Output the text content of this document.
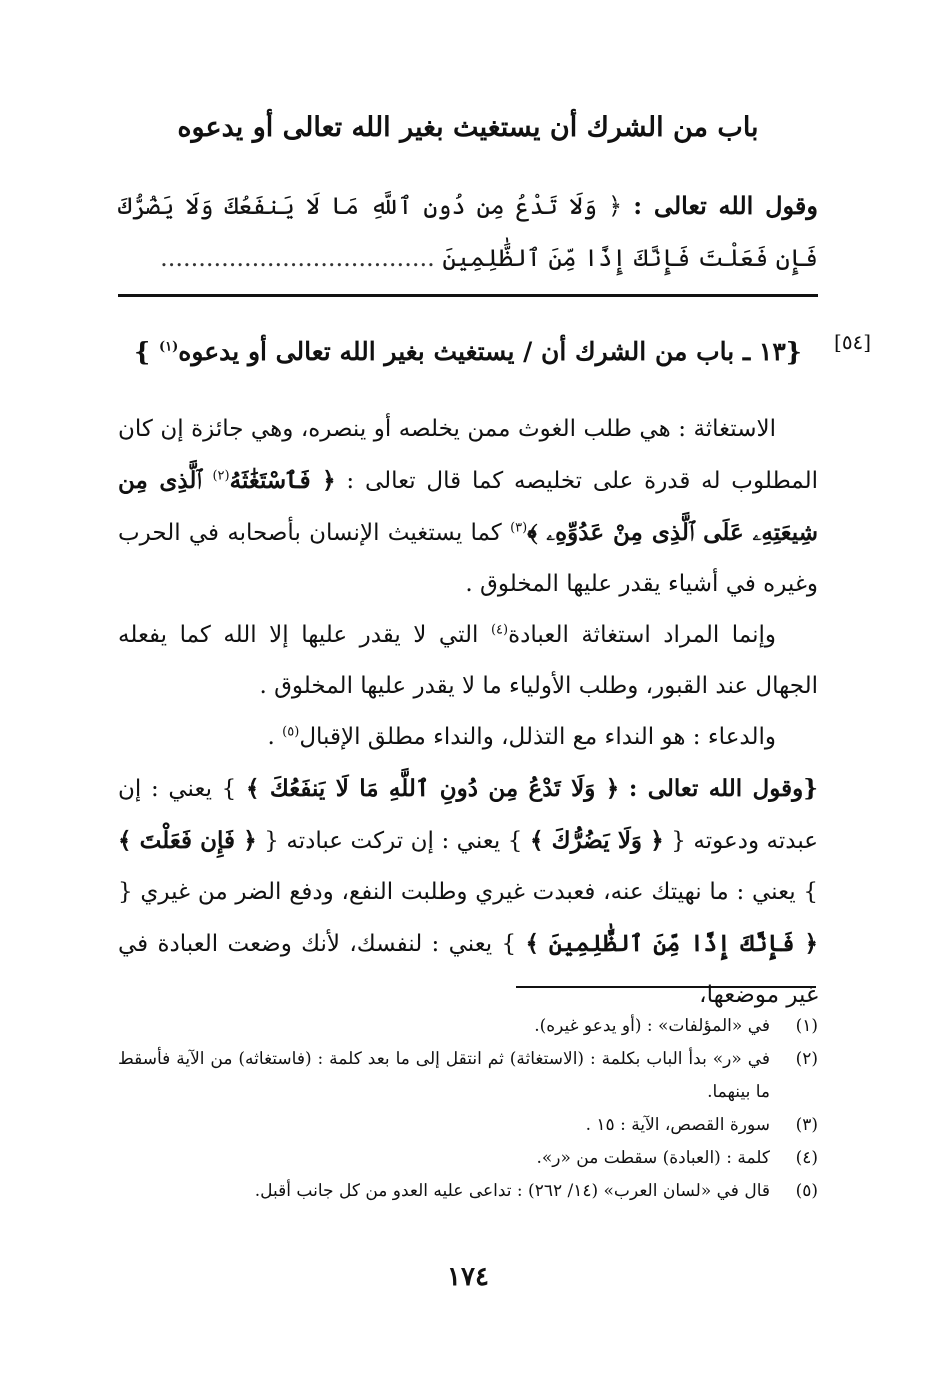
باب من الشرك أن يستغيث بغير الله تعالى أو يدعوه
وقول الله تعالى : ﴿ وَلَا تَدْعُ مِن دُونِ ٱللَّهِ مَا لَا يَنفَعُكَ وَلَا يَضُرُّكَ فَإِن فَعَلْتَ فَإِنَّكَ إِذًا مِّنَ ٱلظَّٰلِمِينَ ....................................
[٥٤]
{١٣ ـ باب من الشرك أن / يستغيث بغير الله تعالى أو يدعوه$^{(١)}$ }

الاستغاثة : هي طلب الغوث ممن يخلصه أو ينصره، وهي جائزة إن كان المطلوب له قدرة على تخليصه كما قال تعالى : ﴿ فَٱسْتَغَٰثَهُ$^{(٢)}$ ٱلَّذِى مِن شِيعَتِهِۦ عَلَى ٱلَّذِى مِنْ عَدُوِّهِۦ ﴾$^{(٣)}$ كما يستغيث الإنسان بأصحابه في الحرب وغيره في أشياء يقدر عليها المخلوق .

وإنما المراد استغاثة العبادة$^{(٤)}$ التي لا يقدر عليها إلا الله كما يفعله الجهال عند القبور، وطلب الأولياء ما لا يقدر عليها المخلوق .

والدعاء : هو النداء مع التذلل، والنداء مطلق الإقبال$^{(٥)}$ .

{وقول الله تعالى : ﴿ وَلَا تَدْعُ مِن دُونِ ٱللَّهِ مَا لَا يَنفَعُكَ ﴾ } يعني : إن عبدته ودعوته { ﴿ وَلَا يَضُرُّكَ ﴾ } يعني : إن تركت عبادته { ﴿ فَإِن فَعَلْتَ ﴾ } يعني : ما نهيتك عنه، فعبدت غيري وطلبت النفع، ودفع الضر من غيري { ﴿ فَإِنَّكَ إِذًا مِّنَ ٱلظَّٰلِمِينَ ﴾ } يعني : لنفسك، لأنك وضعت العبادة في غير موضعها،

(١)
في «المؤلفات» : (أو يدعو غيره).
(٢)
في «ر» بدأ الباب بكلمة : (الاستغاثة) ثم انتقل إلى ما بعد كلمة : (فاستغاثه) من الآية فأسقط ما بينهما.
(٣)
سورة القصص، الآية : ١٥ .
(٤)
كلمة : (العبادة) سقطت من «ر».
(٥)
قال في «لسان العرب» (١٤/ ٢٦٢) : تداعى عليه العدو من كل جانب أقبل.
١٧٤
